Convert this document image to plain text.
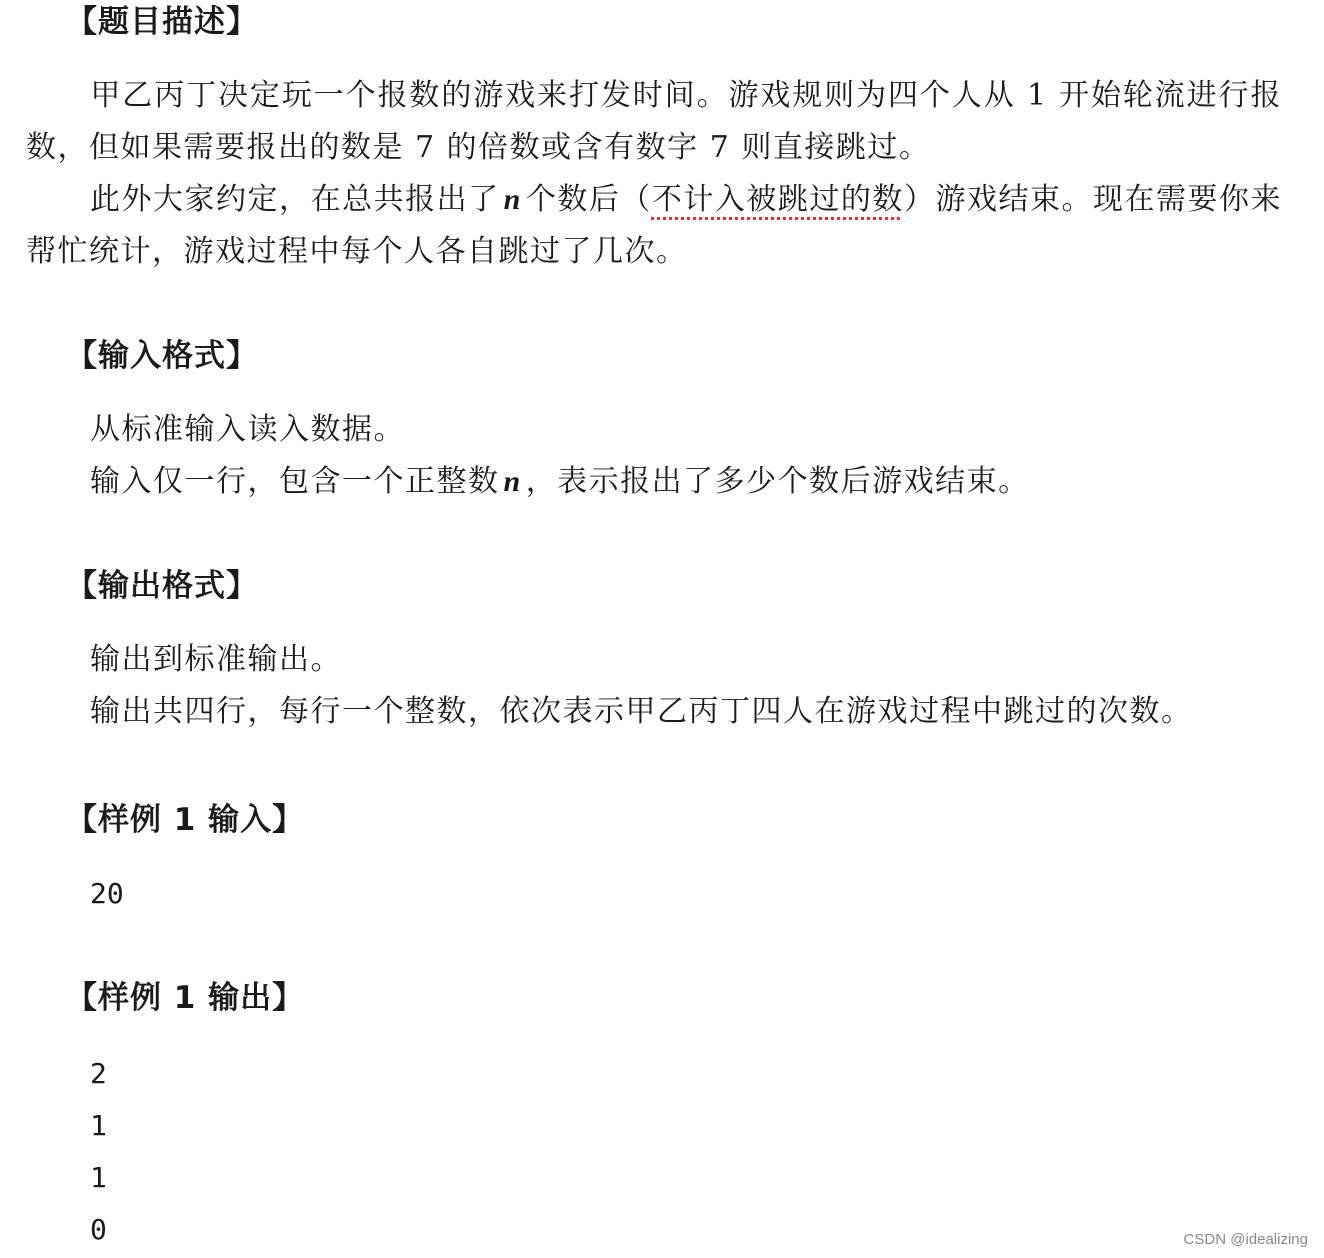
【题目描述】
甲乙丙丁决定玩一个报数的游戏来打发时间。游戏规则为四个人从 1 开始轮流进行报数，但如果需要报出的数是 7 的倍数或含有数字 7 则直接跳过。
此外大家约定，在总共报出了 n 个数后（不计入被跳过的数）游戏结束。现在需要你来帮忙统计，游戏过程中每个人各自跳过了几次。
【输入格式】
从标准输入读入数据。
输入仅一行，包含一个正整数 n ，表示报出了多少个数后游戏结束。
【输出格式】
输出到标准输出。
输出共四行，每行一个整数，依次表示甲乙丙丁四人在游戏过程中跳过的次数。
【样例 1 输入】
20
【样例 1 输出】
2
1
1
0	CSDN @idealizing
